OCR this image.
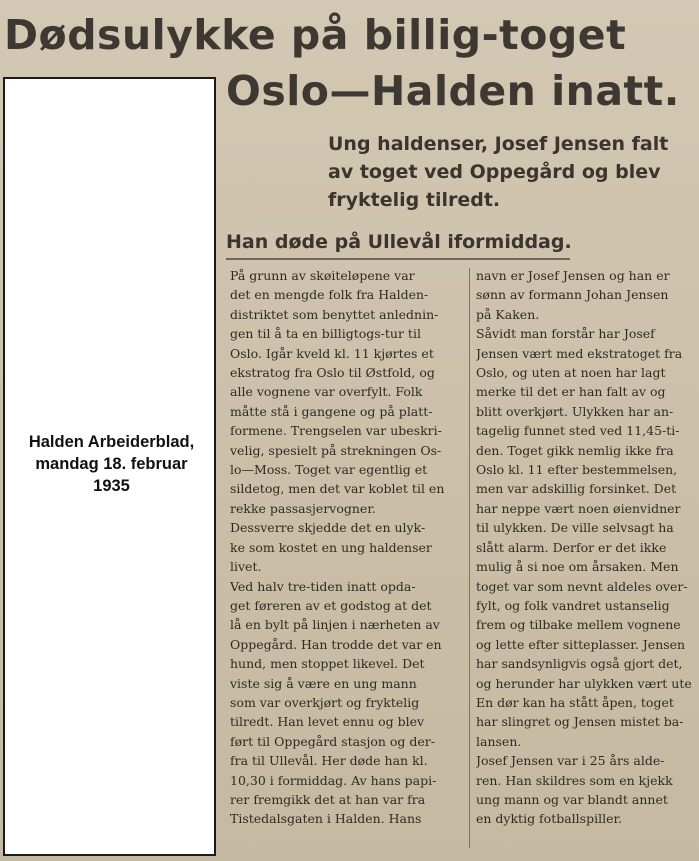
Dødsulykke på billig-toget
Oslo—Halden inatt.
Ung haldenser, Josef Jensen falt
av toget ved Oppegård og blev
fryktelig tilredt.
Han døde på Ullevål iformiddag.
På grunn av skøiteløpene var
det en mengde folk fra Halden-
distriktet som benyttet anlednin-
gen til å ta en billigtogs-tur til
Oslo. Igår kveld kl. 11 kjørtes et
ekstratog fra Oslo til Østfold, og
alle vognene var overfylt. Folk
måtte stå i gangene og på platt-
formene. Trengselen var ubeskri-
velig, spesielt på strekningen Os-
lo—Moss. Toget var egentlig et
sildetog, men det var koblet til en
rekke passasjervogner.
Dessverre skjedde det en ulyk-
ke som kostet en ung haldenser
livet.
Ved halv tre-tiden inatt opda-
get føreren av et godstog at det
lå en bylt på linjen i nærheten av
Oppegård. Han trodde det var en
hund, men stoppet likevel. Det
viste sig å være en ung mann
som var overkjørt og fryktelig
tilredt. Han levet ennu og blev
ført til Oppegård stasjon og der-
fra til Ullevål. Her døde han kl.
10,30 i formiddag. Av hans papi-
rer fremgikk det at han var fra
Tistedalsgaten i Halden. Hans
navn er Josef Jensen og han er
sønn av formann Johan Jensen
på Kaken.
Såvidt man forstår har Josef
Jensen vært med ekstratoget fra
Oslo, og uten at noen har lagt
merke til det er han falt av og
blitt overkjørt. Ulykken har an-
tagelig funnet sted ved 11,45-ti-
den. Toget gikk nemlig ikke fra
Oslo kl. 11 efter bestemmelsen,
men var adskillig forsinket. Det
har neppe vært noen øienvidner
til ulykken. De ville selvsagt ha
slått alarm. Derfor er det ikke
mulig å si noe om årsaken. Men
toget var som nevnt aldeles over-
fylt, og folk vandret ustanselig
frem og tilbake mellem vognene
og lette efter sitteplasser. Jensen
har sandsynligvis også gjort det,
og herunder har ulykken vært ute
En dør kan ha stått åpen, toget
har slingret og Jensen mistet ba-
lansen.
Josef Jensen var i 25 års alde-
ren. Han skildres som en kjekk
ung mann og var blandt annet
en dyktig fotballspiller.
Halden Arbeiderblad,
mandag 18. februar
1935
